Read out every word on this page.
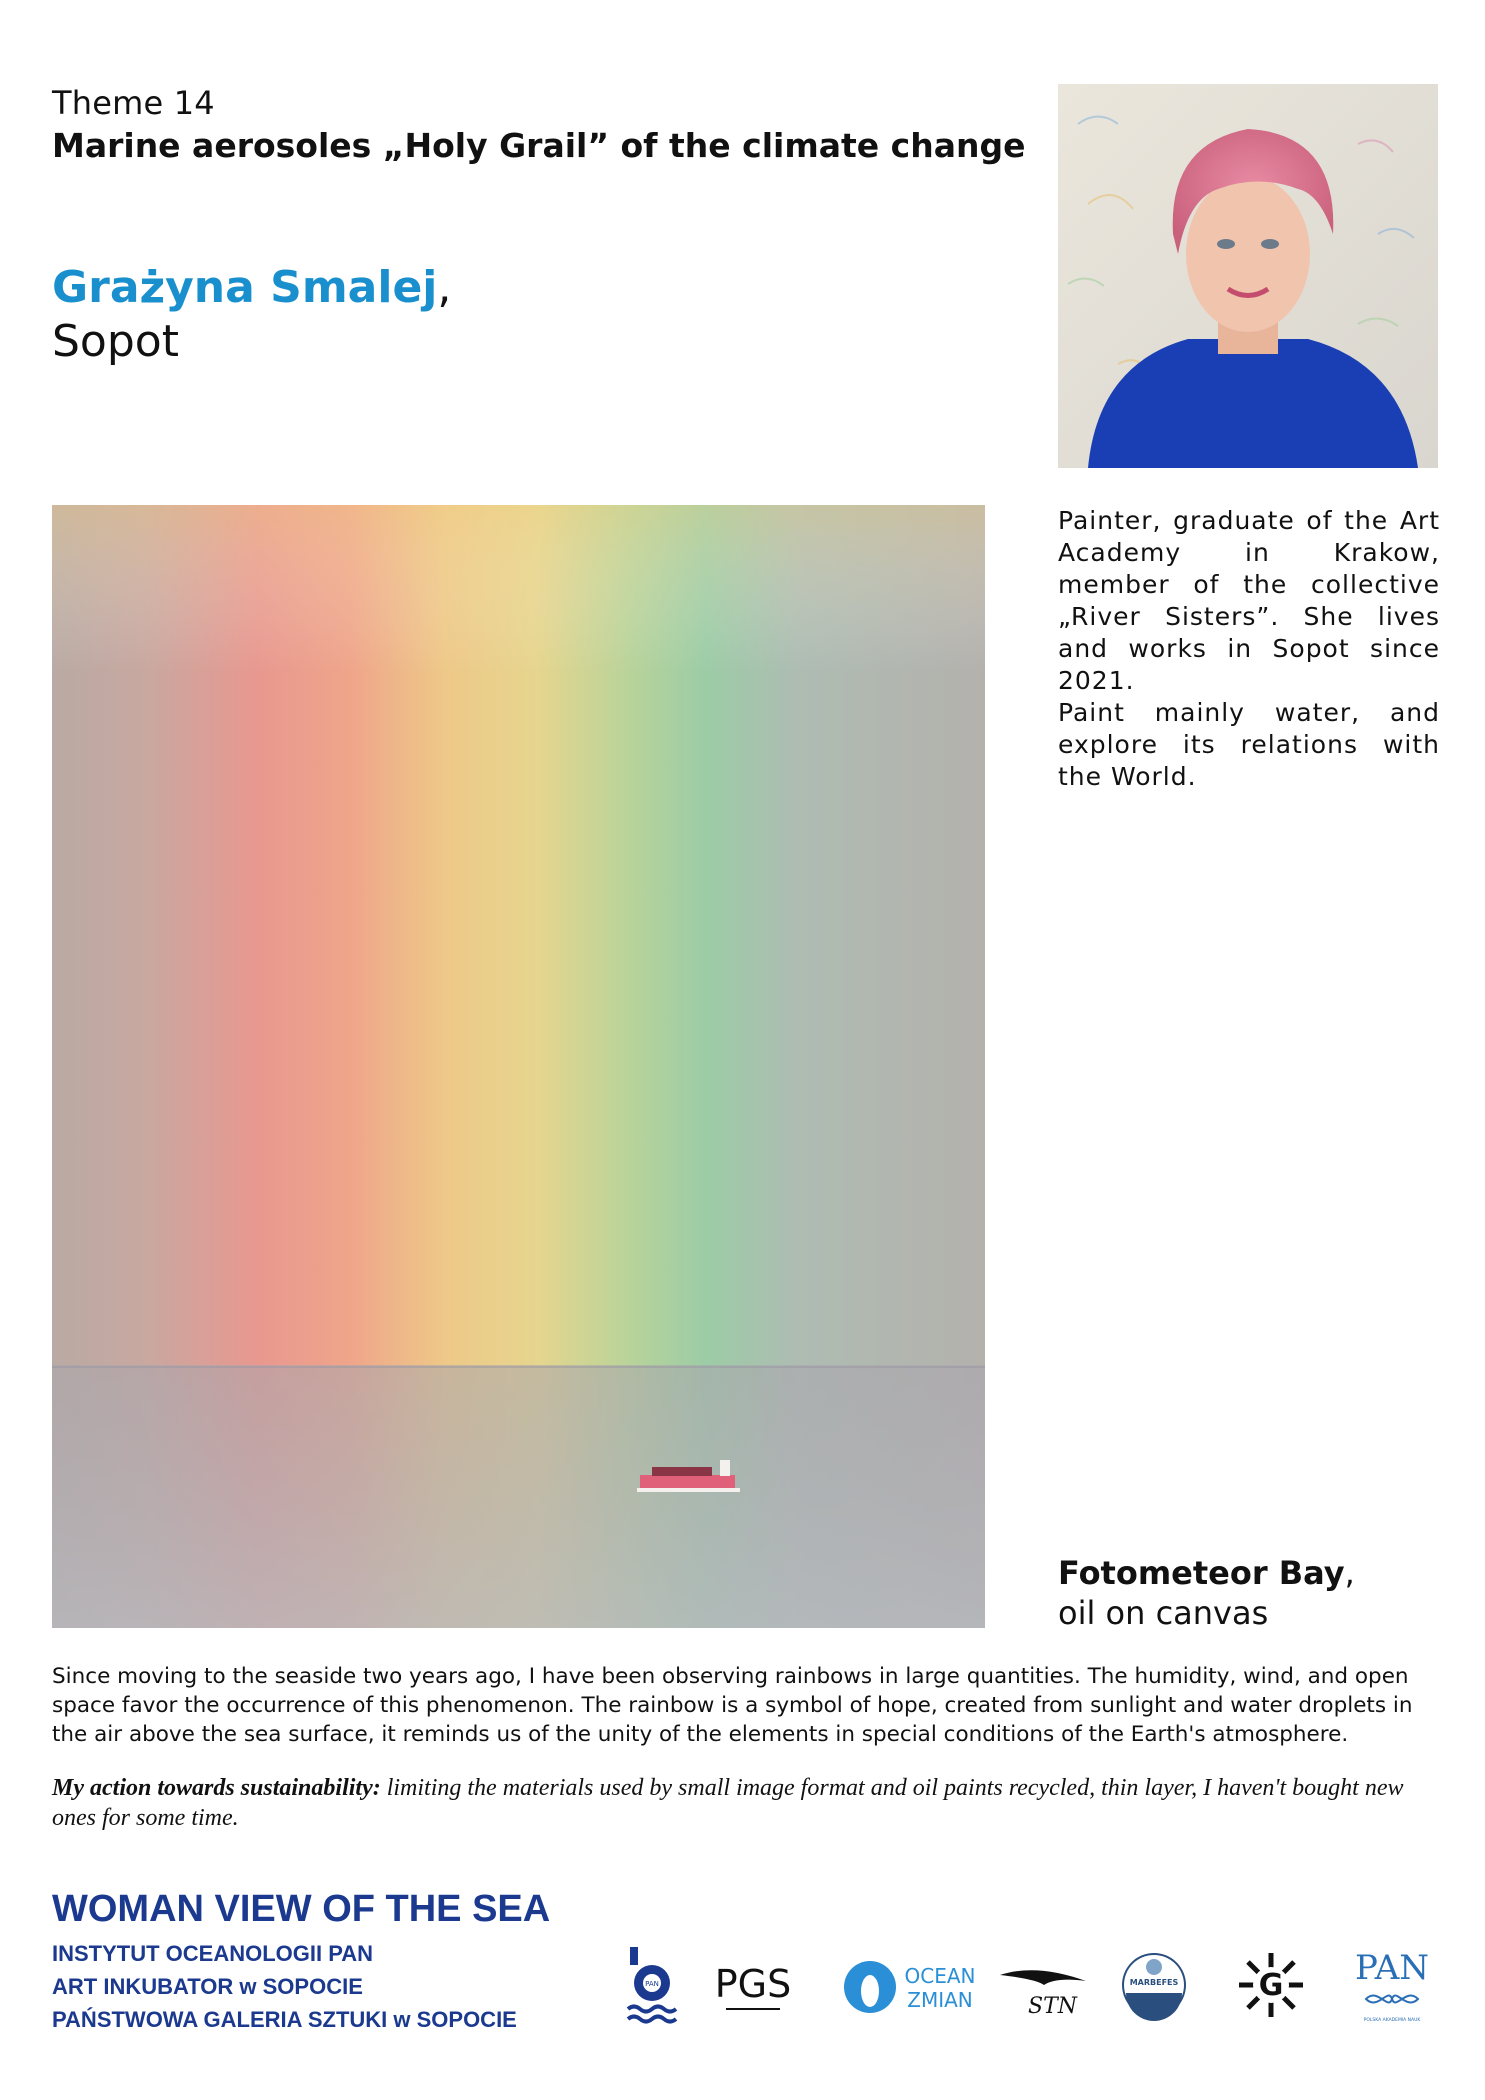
Theme 14
Marine aerosoles „Holy Grail” of the climate change
Grażyna Smalej,
Sopot

Painter, graduate of the Art Academy in Krakow, member of the collective „River Sisters”. She lives and works in Sopot since 2021.

Paint mainly water, and explore its relations with the World.

Fotometeor Bay,
oil on canvas
Since moving to the seaside two years ago, I have been observing rainbows in large quantities. The humidity, wind, and open space favor the occurrence of this phenomenon. The rainbow is a symbol of hope, created from sunlight and water droplets in the air above the sea surface, it reminds us of the unity of the elements in special conditions of the Earth's atmosphere.
My action towards sustainability: limiting the materials used by small image format and oil paints recycled, thin layer, I haven't bought new ones for some time.
WOMAN VIEW OF THE SEA
INSTYTUT OCEANOLOGII PAN
ART INKUBATOR w SOPOCIE
PAŃSTWOWA GALERIA SZTUKI w SOPOCIE
PAN PGS	OCEAN
ZMIAN	STN
MARBEFES	G PAN
POLSKA AKADEMIA NAUK
